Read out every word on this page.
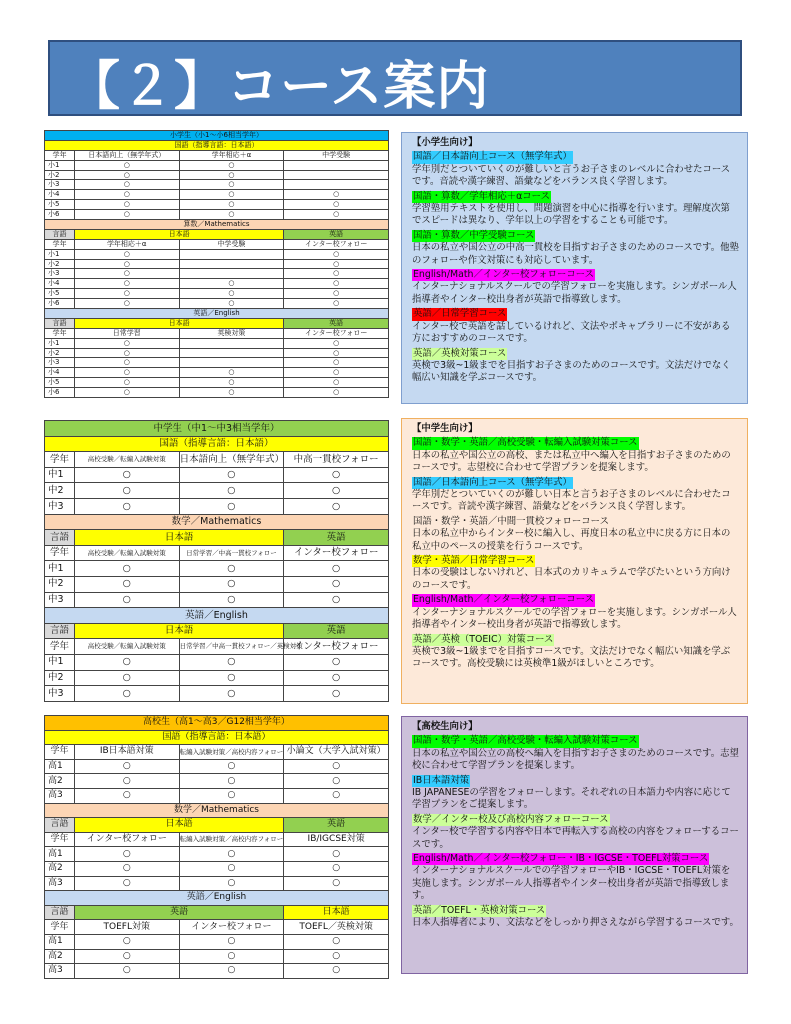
【２】コース案内
小学生（小1～小6相当学年）			
国語（指導言語：日本語）			
学年	日本語向上（無学年式）	学年相応＋α	中学受験
小1	○	○	
小2	○	○	
小3	○	○	
小4	○	○	○
小5	○	○	○
小6	○	○	○
算数／Mathematics			
言語	日本語		英語
学年	学年相応＋α	中学受験	インター校フォロー
小1	○		○
小2	○		○
小3	○		○
小4	○	○	○
小5	○	○	○
小6	○	○	○
英語／English			
言語	日本語		英語
学年	日常学習	英検対策	インター校フォロー
小1	○		○
小2	○		○
小3	○		○
小4	○	○	○
小5	○	○	○
小6	○	○	○
中学生（中1～中3相当学年）			
国語（指導言語：日本語）			
学年	高校受験／転編入試験対策	日本語向上（無学年式）	中高一貫校フォロー
中1	○	○	○
中2	○	○	○
中3	○	○	○
数学／Mathematics			
言語	日本語		英語
学年	高校受験／転編入試験対策	日常学習／中高一貫校フォロー	インター校フォロー
中1	○	○	○
中2	○	○	○
中3	○	○	○
英語／English			
言語	日本語		英語
学年	高校受験／転編入試験対策	日常学習／中高一貫校フォロー／英検対策	インター校フォロー
中1	○	○	○
中2	○	○	○
中3	○	○	○
高校生（高1～高3／G12相当学年）			
国語（指導言語：日本語）			
学年	IB日本語対策	転編入試験対策／高校内容フォロー	小論文（大学入試対策）
高1	○	○	○
高2	○	○	○
高3	○	○	○
数学／Mathematics			
言語	日本語		英語
学年	インター校フォロー	転編入試験対策／高校内容フォロー	IB/IGCSE対策
高1	○	○	○
高2	○	○	○
高3	○	○	○
英語／English			
言語	英語		日本語
学年	TOEFL対策	インター校フォロー	TOEFL／英検対策
高1	○	○	○
高2	○	○	○
高3	○	○	○
【小学生向け】
国語／日本語向上コース（無学年式）

学年別だとついていくのが難しいと言うお子さまのレベルに合わせたコースです。音読や漢字練習、語彙などをバランス良く学習します。

国語・算数／学年相応＋αコース

学習塾用テキストを使用し、問題演習を中心に指導を行います。理解度次第でスピードは異なり、学年以上の学習をすることも可能です。

国語・算数／中学受験コース

日本の私立や国公立の中高一貫校を目指すお子さまのためのコースです。他塾のフォローや作文対策にも対応しています。

English/Math／インター校フォローコース

インターナショナルスクールでの学習フォローを実施します。シンガポール人指導者やインター校出身者が英語で指導致します。

英語／日常学習コース

インター校で英語を話しているけれど、文法やボキャブラリーに不安がある方におすすめのコースです。

英語／英検対策コース

英検で3級~1級までを目指すお子さまのためのコースです。文法だけでなく幅広い知識を学ぶコースです。

【中学生向け】
国語・数学・英語／高校受験・転編入試験対策コース

日本の私立や国公立の高校、または私立中へ編入を目指すお子さまのためのコースです。志望校に合わせて学習プランを提案します。

国語／日本語向上コース（無学年式）

学年別だとついていくのが難しい日本と言うお子さまのレベルに合わせたコースです。音読や漢字練習、語彙などをバランス良く学習します。

国語・数学・英語／中間一貫校フォローコース

日本の私立中からインター校に編入し、再度日本の私立中に戻る方に日本の私立中のペースの授業を行うコースです。

数学・英語／日常学習コース

日本の受験はしないけれど、日本式のカリキュラムで学びたいという方向けのコースです。

English/Math／インター校フォローコース

インターナショナルスクールでの学習フォローを実施します。シンガポール人指導者やインター校出身者が英語で指導致します。

英語／英検（TOEIC）対策コース

英検で3級~1級までを目指すコースです。文法だけでなく幅広い知識を学ぶコースです。高校受験には英検準1級がほしいところです。

【高校生向け】
国語・数学・英語／高校受験・転編入試験対策コース

日本の私立や国公立の高校へ編入を目指すお子さまのためのコースです。志望校に合わせて学習プランを提案します。

IB日本語対策

IB JAPANESEの学習をフォローします。それぞれの日本語力や内容に応じて学習プランをご提案します。

数学／インター校及び高校内容フォローコース

インター校で学習する内容や日本で再転入する高校の内容をフォローするコースです。

English/Math／インター校フォロー・IB・IGCSE・TOEFL対策コース

インターナショナルスクールでの学習フォローやIB・IGCSE・TOEFL対策を実施します。シンガポール人指導者やインター校出身者が英語で指導致します。

英語／TOEFL・英検対策コース

日本人指導者により、文法などをしっかり押さえながら学習するコースです。
